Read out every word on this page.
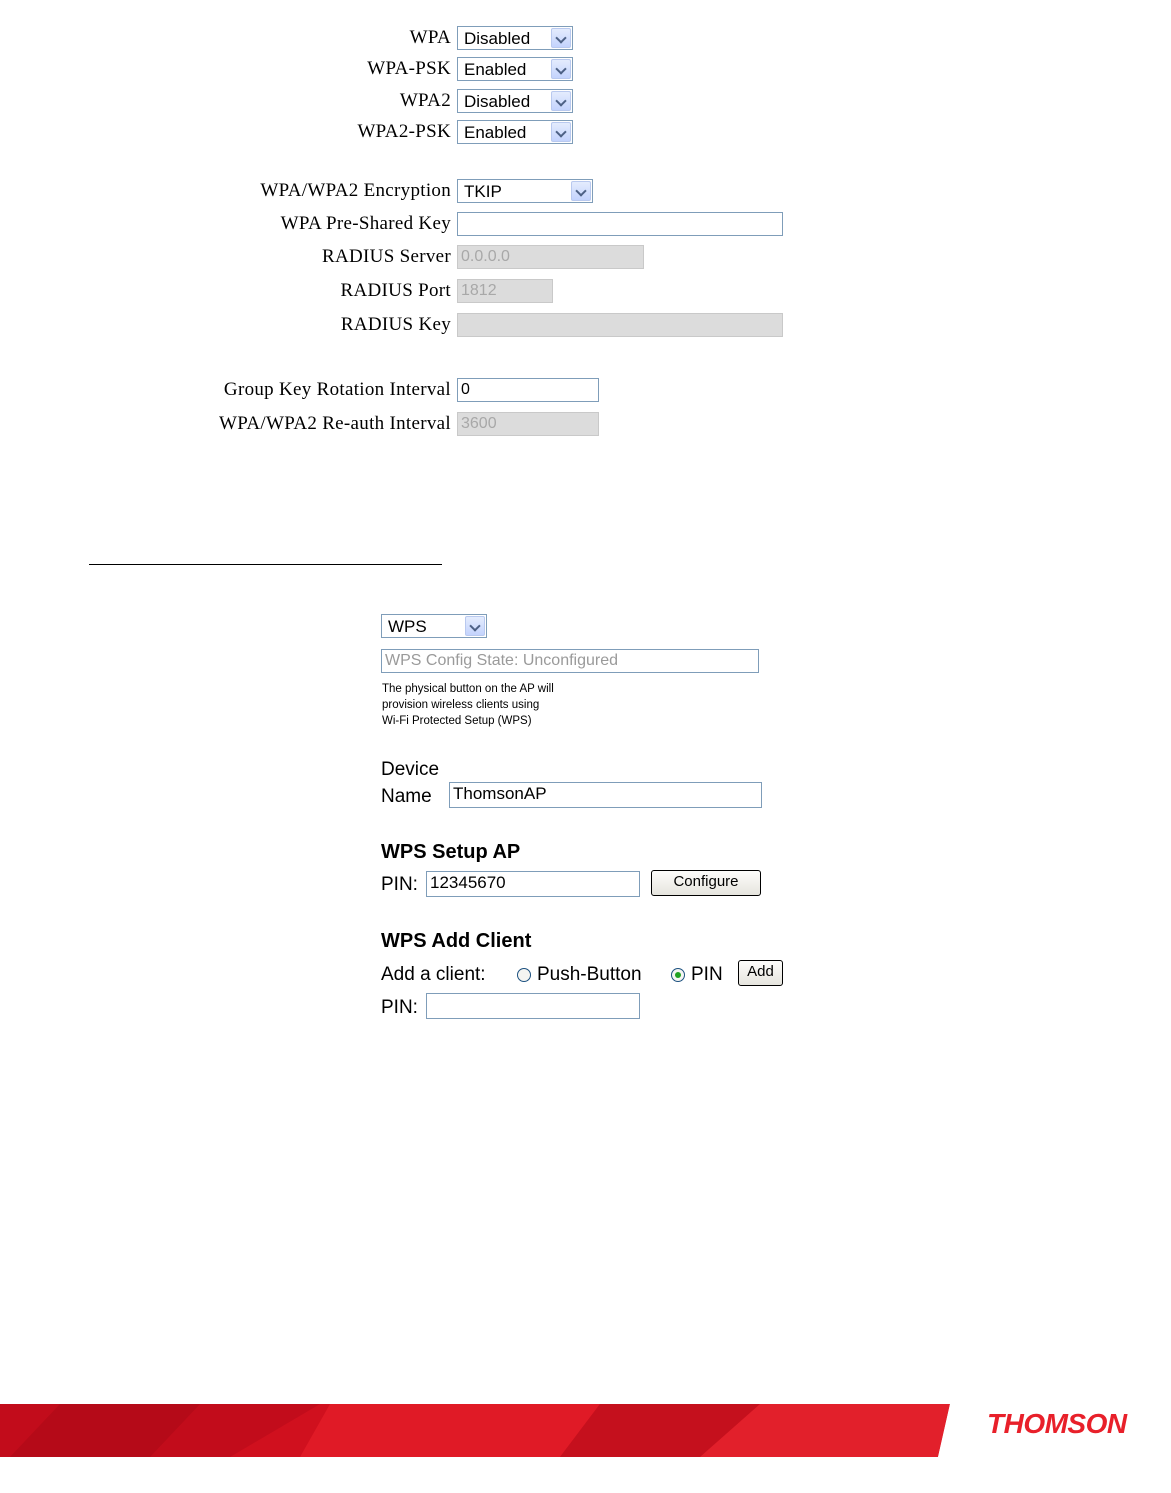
WPA Disabled
WPA-PSK Enabled
WPA2 Disabled
WPA2-PSK Enabled
WPA/WPA2 Encryption TKIP
WPA Pre-Shared Key
RADIUS Server 0.0.0.0
RADIUS Port 1812
RADIUS Key
Group Key Rotation Interval 0
WPA/WPA2 Re-auth Interval 3600
WPS
WPS Config State: Unconfigured
The physical button on the AP will
provision wireless clients using
Wi-Fi Protected Setup (WPS)
Device
Name ThomsonAP
WPS Setup AP
PIN: 12345670	Configure
WPS Add Client
Add a client:	Push-Button	PIN	Add
PIN:
THOMSON
